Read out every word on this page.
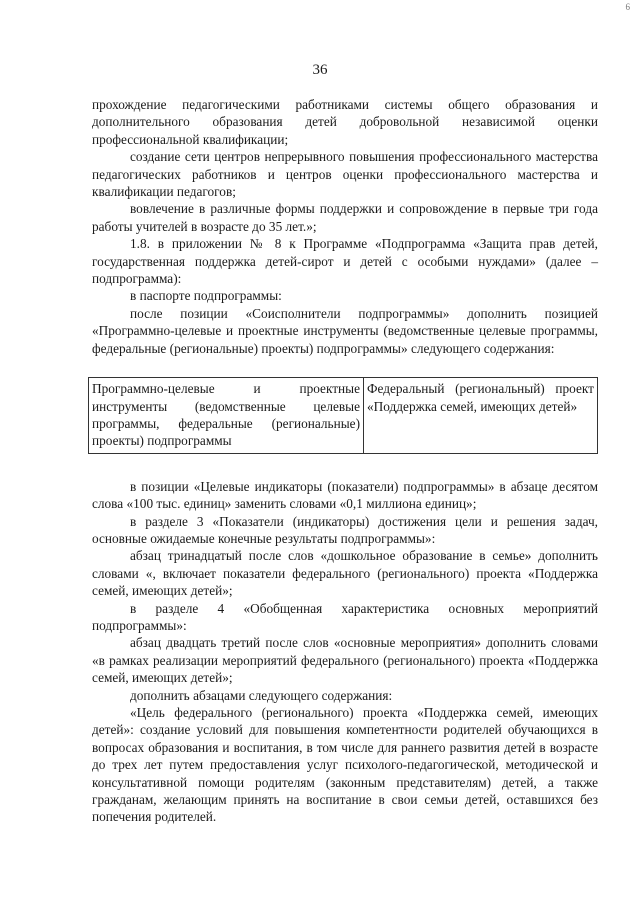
6
36

прохождение педагогическими работниками системы общего образования и дополнительного образования детей добровольной независимой оценки профессиональной квалификации;

создание сети центров непрерывного повышения профессионального мастерства педагогических работников и центров оценки профессионального мастерства и квалификации педагогов;

вовлечение в различные формы поддержки и сопровождение в первые три года работы учителей в возрасте до 35 лет.»;

1.8. в приложении № 8 к Программе «Подпрограмма «Защита прав детей, государственная поддержка детей-сирот и детей с особыми нуждами» (далее – подпрограмма):

в паспорте подпрограммы:

после позиции «Соисполнители подпрограммы» дополнить позицией «Программно-целевые и проектные инструменты (ведомственные целевые программы, федеральные (региональные) проекты) подпрограммы» следующего содержания:

Программно-целевые и проектные инструменты (ведомственные целевые программы, федеральные (региональные) проекты) подпрограммы	Федеральный (региональный) проект «Поддержка семей, имеющих детей»

в позиции «Целевые индикаторы (показатели) подпрограммы» в абзаце десятом слова «100 тыс. единиц» заменить словами «0,1 миллиона единиц»;

в разделе 3 «Показатели (индикаторы) достижения цели и решения задач, основные ожидаемые конечные результаты подпрограммы»:

абзац тринадцатый после слов «дошкольное образование в семье» дополнить словами «, включает показатели федерального (регионального) проекта «Поддержка семей, имеющих детей»;

в разделе 4 «Обобщенная характеристика основных мероприятий подпрограммы»:

абзац двадцать третий после слов «основные мероприятия» дополнить словами «в рамках реализации мероприятий федерального (регионального) проекта «Поддержка семей, имеющих детей»;

дополнить абзацами следующего содержания:

«Цель федерального (регионального) проекта «Поддержка семей, имеющих детей»: создание условий для повышения компетентности родителей обучающихся в вопросах образования и воспитания, в том числе для раннего развития детей в возрасте до трех лет путем предоставления услуг психолого-педагогической, методической и консультативной помощи родителям (законным представителям) детей, а также гражданам, желающим принять на воспитание в свои семьи детей, оставшихся без попечения родителей.
